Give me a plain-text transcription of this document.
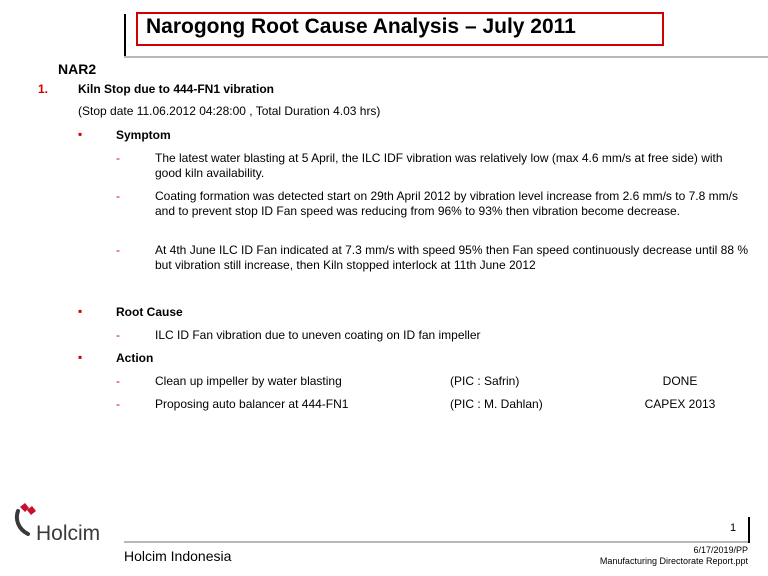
Narogong Root Cause Analysis – July 2011
NAR2
1. Kiln Stop due to 444-FN1 vibration
(Stop date 11.06.2012 04:28:00 , Total Duration 4.03 hrs)
▪	Symptom
-	The latest water blasting at 5 April, the ILC IDF vibration was relatively low (max 4.6 mm/s at free side) with good kiln availability.
-	Coating formation was detected start on 29th April 2012 by vibration level increase from 2.6 mm/s to 7.8 mm/s and to prevent stop ID Fan speed was reducing from 96% to 93% then vibration become decrease.
-	At 4th June ILC ID Fan indicated at 7.3 mm/s with speed 95% then Fan speed continuously decrease until 88 % but vibration still increase, then Kiln stopped interlock at 11th June 2012
▪	Root Cause
-	ILC ID Fan vibration due to uneven coating on ID fan impeller
▪	Action
-	Clean up impeller by water blasting	(PIC : Safrin)	DONE
-	Proposing auto balancer at 444-FN1	(PIC : M. Dahlan)	CAPEX 2013
Holcim	1
Holcim Indonesia	6/17/2019/PP
Manufacturing Directorate Report.ppt
